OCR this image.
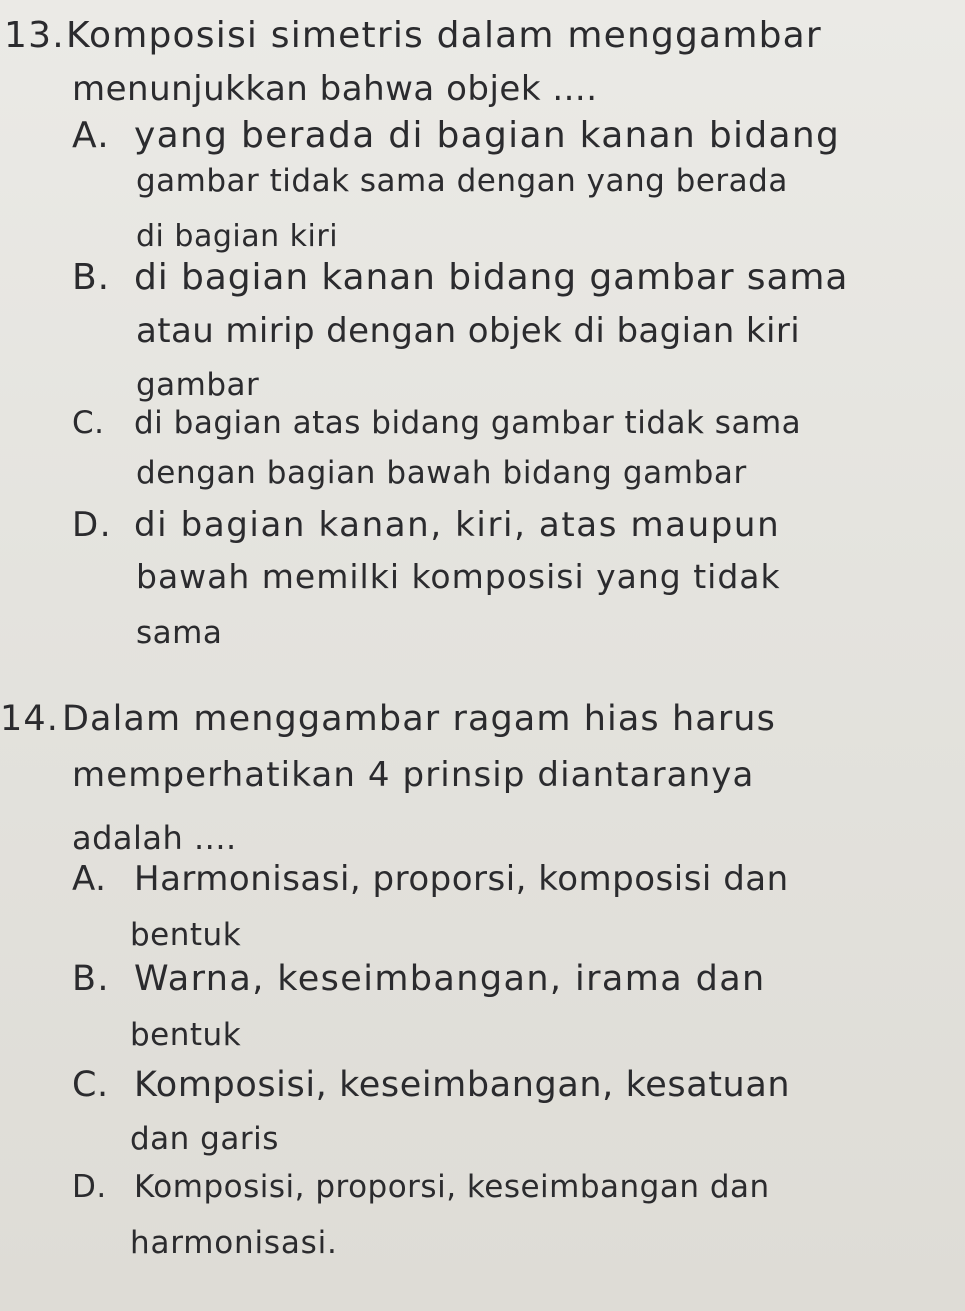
13.Komposisi simetris dalam menggambar
menunjukkan bahwa objek ....
A. yang berada di bagian kanan bidang
gambar tidak sama dengan yang berada
di bagian kiri
B. di bagian kanan bidang gambar sama
atau mirip dengan objek di bagian kiri
gambar
C. di bagian atas bidang gambar tidak sama
dengan bagian bawah bidang gambar
D. di bagian kanan, kiri, atas maupun
bawah memilki komposisi yang tidak
sama
14.Dalam menggambar ragam hias harus
memperhatikan 4 prinsip diantaranya
adalah ....
A. Harmonisasi, proporsi, komposisi dan
bentuk
B. Warna, keseimbangan, irama dan
bentuk
C. Komposisi, keseimbangan, kesatuan
dan garis
D. Komposisi, proporsi, keseimbangan dan
harmonisasi.
